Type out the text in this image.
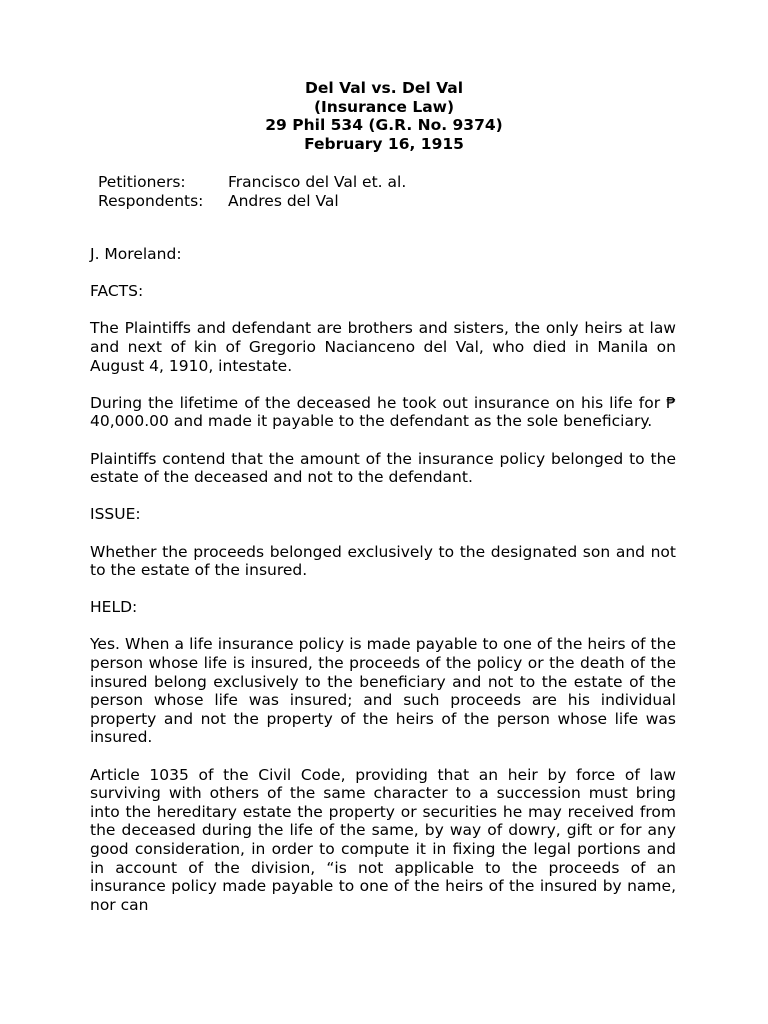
Del Val vs. Del Val
(Insurance Law)
29 Phil 534 (G.R. No. 9374)
February 16, 1915
Petitioners:	Francisco del Val et. al.
Respondents:	Andres del Val
J. Moreland:
FACTS:

The Plaintiffs and defendant are brothers and sisters, the only heirs at law and next of kin of Gregorio Nacianceno del Val, who died in Manila on August 4, 1910, intestate.

During the lifetime of the deceased he took out insurance on his life for ₱ 40,000.00 and made it payable to the defendant as the sole beneficiary.

Plaintiffs contend that the amount of the insurance policy belonged to the estate of the deceased and not to the defendant.

ISSUE:

Whether the proceeds belonged exclusively to the designated son and not to the estate of the insured.

HELD:

Yes. When a life insurance policy is made payable to one of the heirs of the person whose life is insured, the proceeds of the policy or the death of the insured belong exclusively to the beneficiary and not to the estate of the person whose life was insured; and such proceeds are his individual property and not the property of the heirs of the person whose life was insured.

Article 1035 of the Civil Code, providing that an heir by force of law surviving with others of the same character to a succession must bring into the hereditary estate the property or securities he may received from the deceased during the life of the same, by way of dowry, gift or for any good consideration, in order to compute it in fixing the legal portions and in account of the division, “is not applicable to the proceeds of an insurance policy made payable to one of the heirs of the insured by name, nor can
